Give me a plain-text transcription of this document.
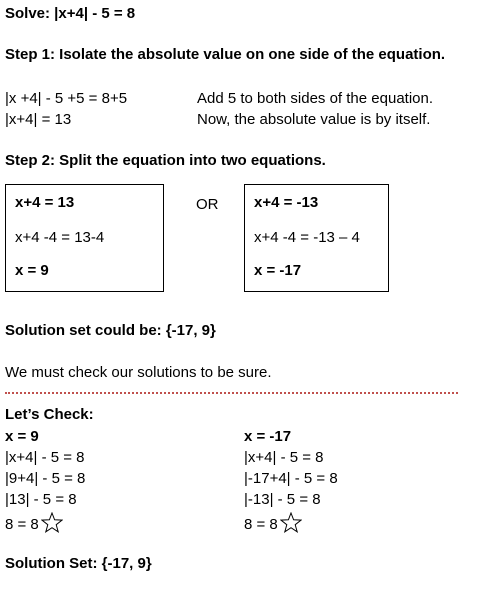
Solve: |x+4| - 5 = 8
Step 1: Isolate the absolute value on one side of the equation.
|x +4| - 5 +5 = 8+5	Add 5 to both sides of the equation.
|x+4| = 13	Now, the absolute value is by itself.
Step 2: Split the equation into two equations.
x+4 = 13
x+4 -4 = 13-4
x = 9
OR x+4 = -13
x+4 -4 = -13 – 4
x = -17
Solution set could be: {-17, 9}
We must check our solutions to be sure.
Let’s Check:
x = 9
|x+4| - 5 = 8
|9+4| - 5 = 8
|13| - 5 = 8
8 = 8
x = -17
|x+4| - 5 = 8
|-17+4| - 5 = 8
|-13| - 5 = 8
8 = 8
Solution Set: {-17, 9}
